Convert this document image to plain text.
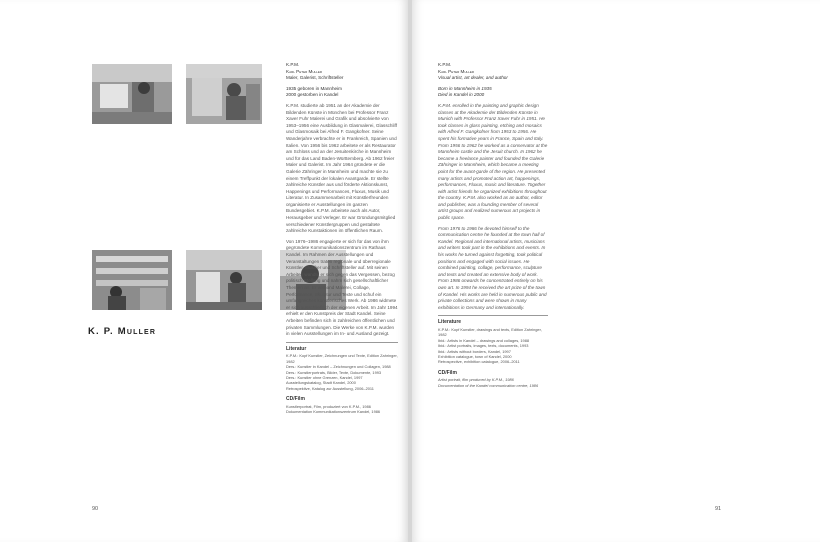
K. P. Muller

K.P.M.

Karl Peter Muller

Maler, Galerist, Schriftsteller

1935 geboren in Mannheim

2000 gestorben in Kandel

K.P.M. studierte ab 1951 an der Akademie der Bildenden Künste in München bei Professor Franz Xaver Fuhr Malerei und Grafik und absolvierte von 1953–1956 eine Ausbildung in Glasmalerei, Glasschliff und Glasmosaik bei Alfred F. Gangkofner. Seine Wanderjahre verbrachte er in Frankreich, Spanien und Italien. Von 1956 bis 1962 arbeitete er als Restaurator am Schloss und an der Jesuitenkirche in Mannheim und für das Land Baden-Württemberg. Ab 1962 freier Maler und Galerist. Im Jahr 1964 gründete er die Galerie Zähringer in Mannheim und machte sie zu einem Treffpunkt der lokalen Avantgarde. Er stellte zahlreiche Künstler aus und förderte Aktionskunst, Happenings und Performances, Fluxus, Musik und Literatur. In Zusammenarbeit mit Künstlerfreunden organisierte er Ausstellungen im ganzen Bundesgebiet. K.P.M. arbeitete auch als Autor, Herausgeber und Verleger. Er war Gründungsmitglied verschiedener Künstlergruppen und gestaltete zahlreiche Kunstaktionen im öffentlichen Raum.

Von 1976–1986 engagierte er sich für das von ihm gegründete Kommunikationszentrum im Rathaus Kandel. Im Rahmen der Ausstellungen und Veranstaltungen traten regionale und überregionale Künstler, Musiker und Schriftsteller auf. Mit seinen Arbeiten wandte er sich gegen das Vergessen, bezog politisch Stellung und nahm sich gesellschaftlicher Themen an. Er verband Malerei, Collage, Performance, Skulptur und Texte und schuf ein umfangreiches künstlerisches Werk. Ab 1986 widmete er sich ausschließlich der eigenen Arbeit. Im Jahr 1994 erhielt er den Kunstpreis der Stadt Kandel. Seine Arbeiten befinden sich in zahlreichen öffentlichen und privaten Sammlungen. Die Werke von K.P.M. wurden in vielen Ausstellungen im In- und Ausland gezeigt.

Literatur

K.P.M.: Kopf Kunstler, Zeichnungen und Texte, Edition Zahringer, 1982

Ders.: Kunstler in Kandel – Zeichnungen und Collagen, 1988

Ders.: Kunstlerportrats, Bilder, Texte, Dokumente, 1993

Ders.: Kunstler ohne Grenzen, Kandel, 1997

Ausstellungskatalog, Stadt Kandel, 2000

Retrospektive, Katalog zur Ausstellung, 2006–2011

CD/Film

Kunstlerportrat, Film, produziert von K.P.M., 1986

Dokumentation Kommunikationszentrum Kandel, 1986

90

K.P.M.

Karl Peter Muller

Visual artist, art dealer, and author

Born in Mannheim in 1935

Died in Kandel in 2000

K.P.M. enrolled in the painting and graphic design classes at the Akademie der Bildenden Künste in Munich with Professor Franz Xaver Fuhr in 1951. He took classes in glass painting, etching and mosaics with Alfred F. Gangkofner from 1953 to 1956. He spent his formative years in France, Spain and Italy. From 1956 to 1962 he worked as a conservator at the Mannheim castle and the Jesuit church. In 1962 he became a freelance painter and founded the Galerie Zähringer in Mannheim, which became a meeting point for the avant-garde of the region. He presented many artists and promoted action art, happenings, performances, Fluxus, music and literature. Together with artist friends he organized exhibitions throughout the country. K.P.M. also worked as an author, editor and publisher, was a founding member of several artist groups and realized numerous art projects in public space.

From 1976 to 1986 he devoted himself to the communication centre he founded at the town hall of Kandel. Regional and international artists, musicians and writers took part in the exhibitions and events. In his works he turned against forgetting, took political positions and engaged with social issues. He combined painting, collage, performance, sculpture and texts and created an extensive body of work. From 1986 onwards he concentrated entirely on his own art. In 1994 he received the art prize of the town of Kandel. His works are held in numerous public and private collections and were shown in many exhibitions in Germany and internationally.

Literature

K.P.M.: Kopf Kunstler, drawings and texts, Edition Zahringer, 1982

Ibid.: Artists in Kandel – drawings and collages, 1988

Ibid.: Artist portraits, images, texts, documents, 1993

Ibid.: Artists without borders, Kandel, 1997

Exhibition catalogue, town of Kandel, 2000

Retrospective, exhibition catalogue, 2006–2011

CD/Film

Artist portrait, film produced by K.P.M., 1986

Documentation of the Kandel communication centre, 1986

91
